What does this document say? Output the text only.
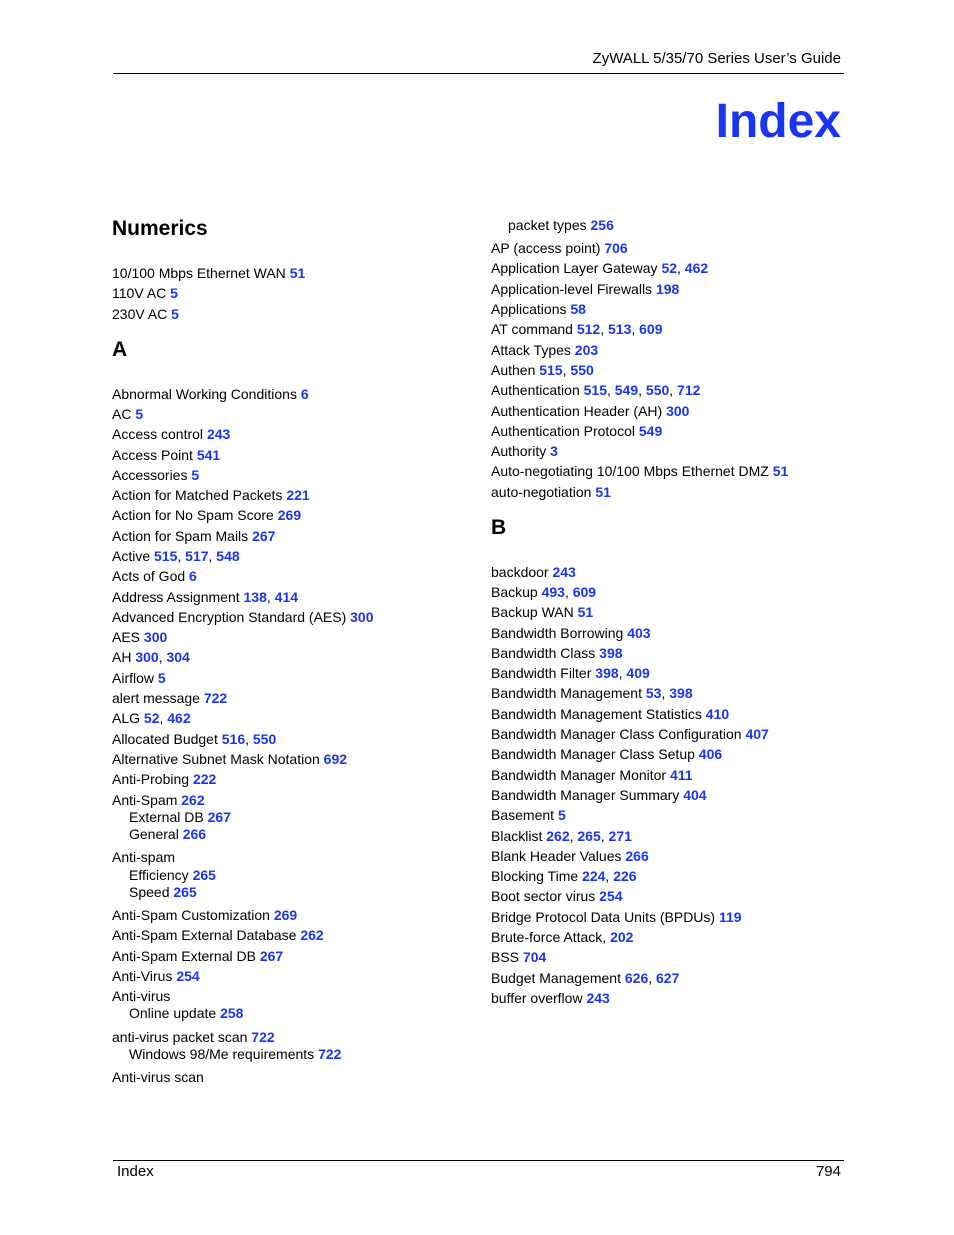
ZyWALL 5/35/70 Series User’s Guide
Index
Numerics
10/100 Mbps Ethernet WAN 51
110V AC 5
230V AC 5
A
Abnormal Working Conditions 6
AC 5
Access control 243
Access Point 541
Accessories 5
Action for Matched Packets 221
Action for No Spam Score 269
Action for Spam Mails 267
Active 515, 517, 548
Acts of God 6
Address Assignment 138, 414
Advanced Encryption Standard (AES) 300
AES 300
AH 300, 304
Airflow 5
alert message 722
ALG 52, 462
Allocated Budget 516, 550
Alternative Subnet Mask Notation 692
Anti-Probing 222
Anti-Spam 262
External DB 267
General 266
Anti-spam
Efficiency 265
Speed 265
Anti-Spam Customization 269
Anti-Spam External Database 262
Anti-Spam External DB 267
Anti-Virus 254
Anti-virus
Online update 258
anti-virus packet scan 722
Windows 98/Me requirements 722
Anti-virus scan
packet types 256
AP (access point) 706
Application Layer Gateway 52, 462
Application-level Firewalls 198
Applications 58
AT command 512, 513, 609
Attack Types 203
Authen 515, 550
Authentication 515, 549, 550, 712
Authentication Header (AH) 300
Authentication Protocol 549
Authority 3
Auto-negotiating 10/100 Mbps Ethernet DMZ 51
auto-negotiation 51
B
backdoor 243
Backup 493, 609
Backup WAN 51
Bandwidth Borrowing 403
Bandwidth Class 398
Bandwidth Filter 398, 409
Bandwidth Management 53, 398
Bandwidth Management Statistics 410
Bandwidth Manager Class Configuration 407
Bandwidth Manager Class Setup 406
Bandwidth Manager Monitor 411
Bandwidth Manager Summary 404
Basement 5
Blacklist 262, 265, 271
Blank Header Values 266
Blocking Time 224, 226
Boot sector virus 254
Bridge Protocol Data Units (BPDUs) 119
Brute-force Attack, 202
BSS 704
Budget Management 626, 627
buffer overflow 243
Index	794
